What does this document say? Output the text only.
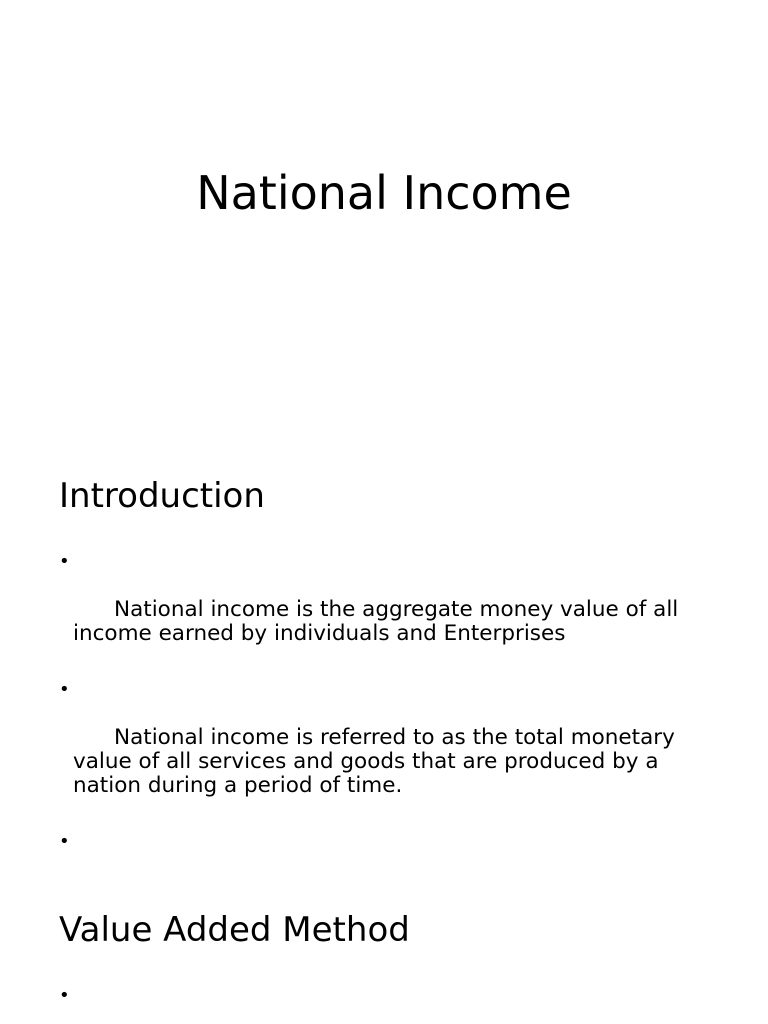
National Income
Introduction

•

National income is the aggregate money value of all income earned by individuals and Enterprises

•

National income is referred to as the total monetary value of all services and goods that are produced by a nation during a period of time.

•

Value Added Method

•
